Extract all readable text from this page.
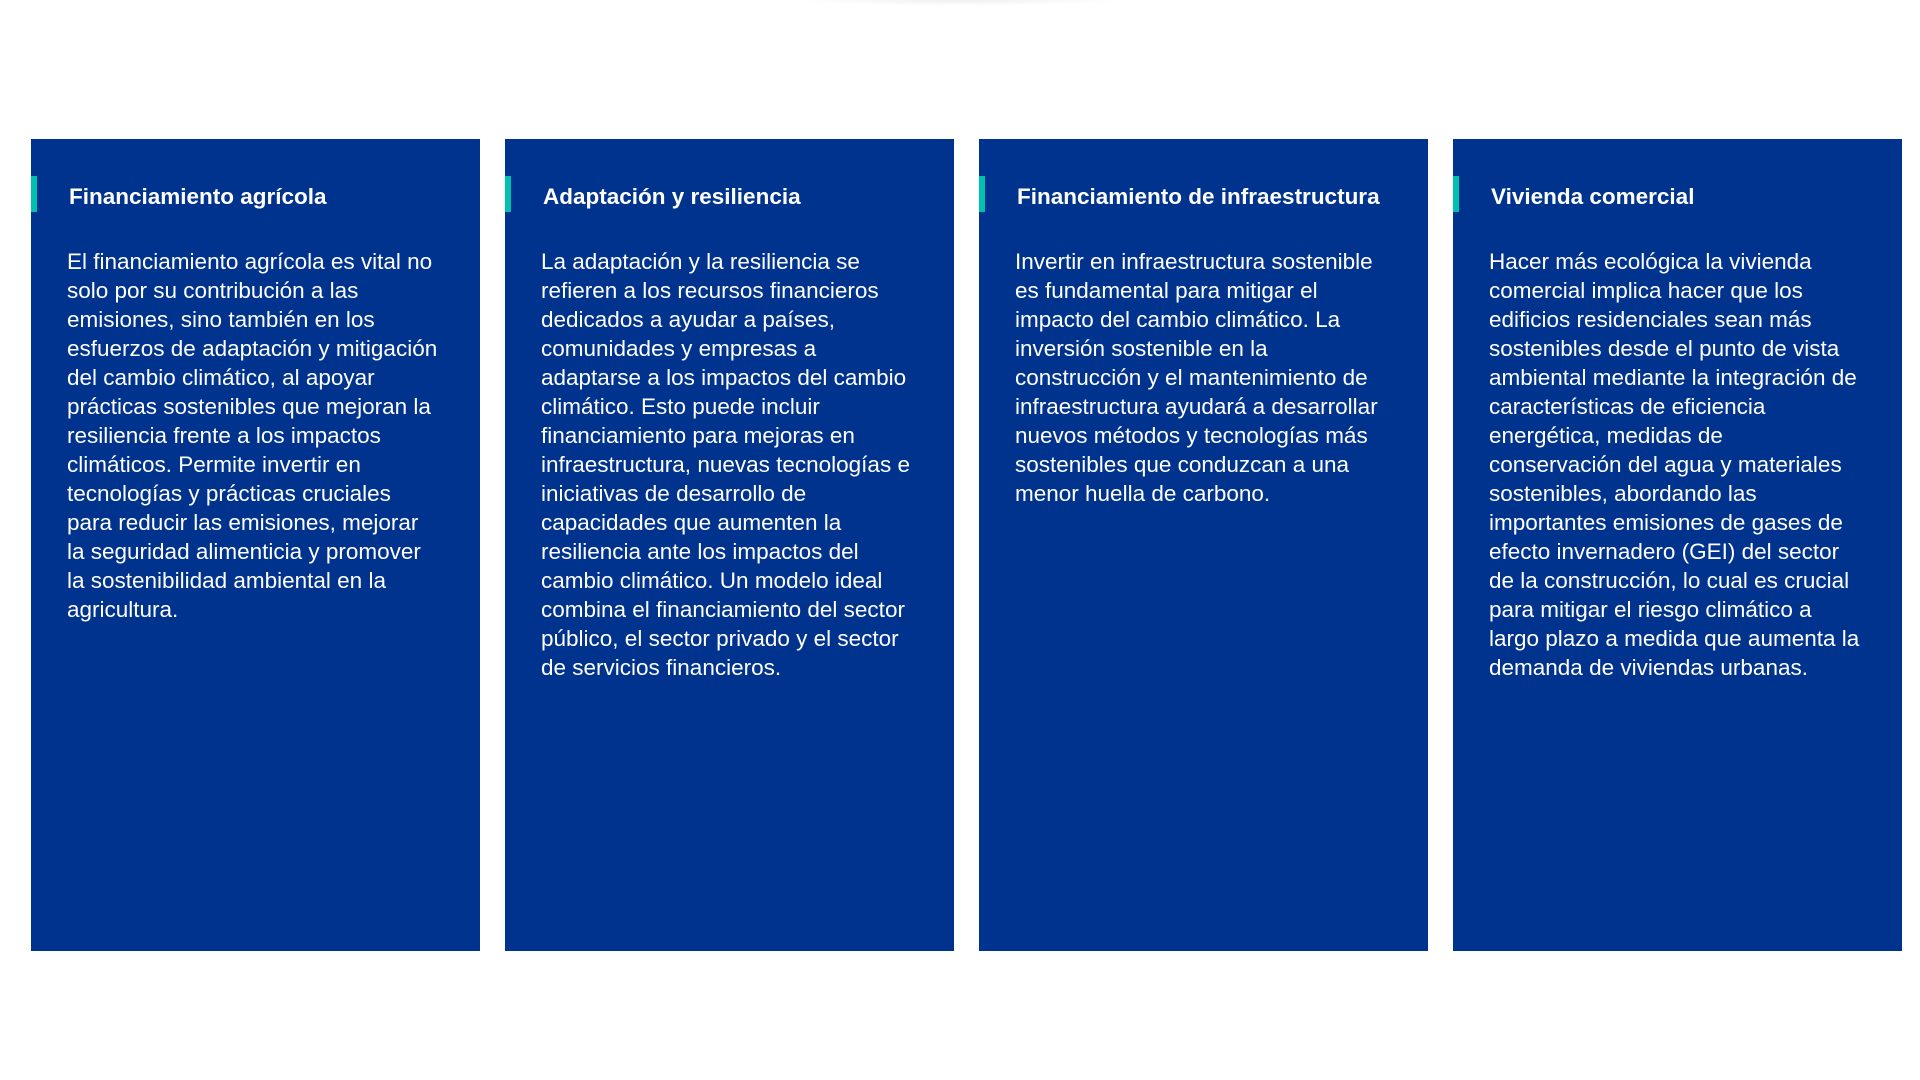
Financiamiento agrícola

El financiamiento agrícola es vital no solo por su contribución a las emisiones, sino también en los esfuerzos de adaptación y mitigación del cambio climático, al apoyar prácticas sostenibles que mejoran la resiliencia frente a los impactos climáticos. Permite invertir en tecnologías y prácticas cruciales para reducir las emisiones, mejorar la seguridad alimenticia y promover la sostenibilidad ambiental en la agricultura.

Adaptación y resiliencia

La adaptación y la resiliencia se refieren a los recursos financieros dedicados a ayudar a países, comunidades y empresas a adaptarse a los impactos del cambio climático. Esto puede incluir financiamiento para mejoras en infraestructura, nuevas tecnologías e iniciativas de desarrollo de capacidades que aumenten la resiliencia ante los impactos del cambio climático. Un modelo ideal combina el financiamiento del sector público, el sector privado y el sector de servicios financieros.

Financiamiento de infraestructura

Invertir en infraestructura sostenible es fundamental para mitigar el impacto del cambio climático. La inversión sostenible en la construcción y el mantenimiento de infraestructura ayudará a desarrollar nuevos métodos y tecnologías más sostenibles que conduzcan a una menor huella de carbono.

Vivienda comercial

Hacer más ecológica la vivienda comercial implica hacer que los edificios residenciales sean más sostenibles desde el punto de vista ambiental mediante la integración de características de eficiencia energética, medidas de conservación del agua y materiales sostenibles, abordando las importantes emisiones de gases de efecto invernadero (GEI) del sector de la construcción, lo cual es crucial para mitigar el riesgo climático a largo plazo a medida que aumenta la demanda de viviendas urbanas.
